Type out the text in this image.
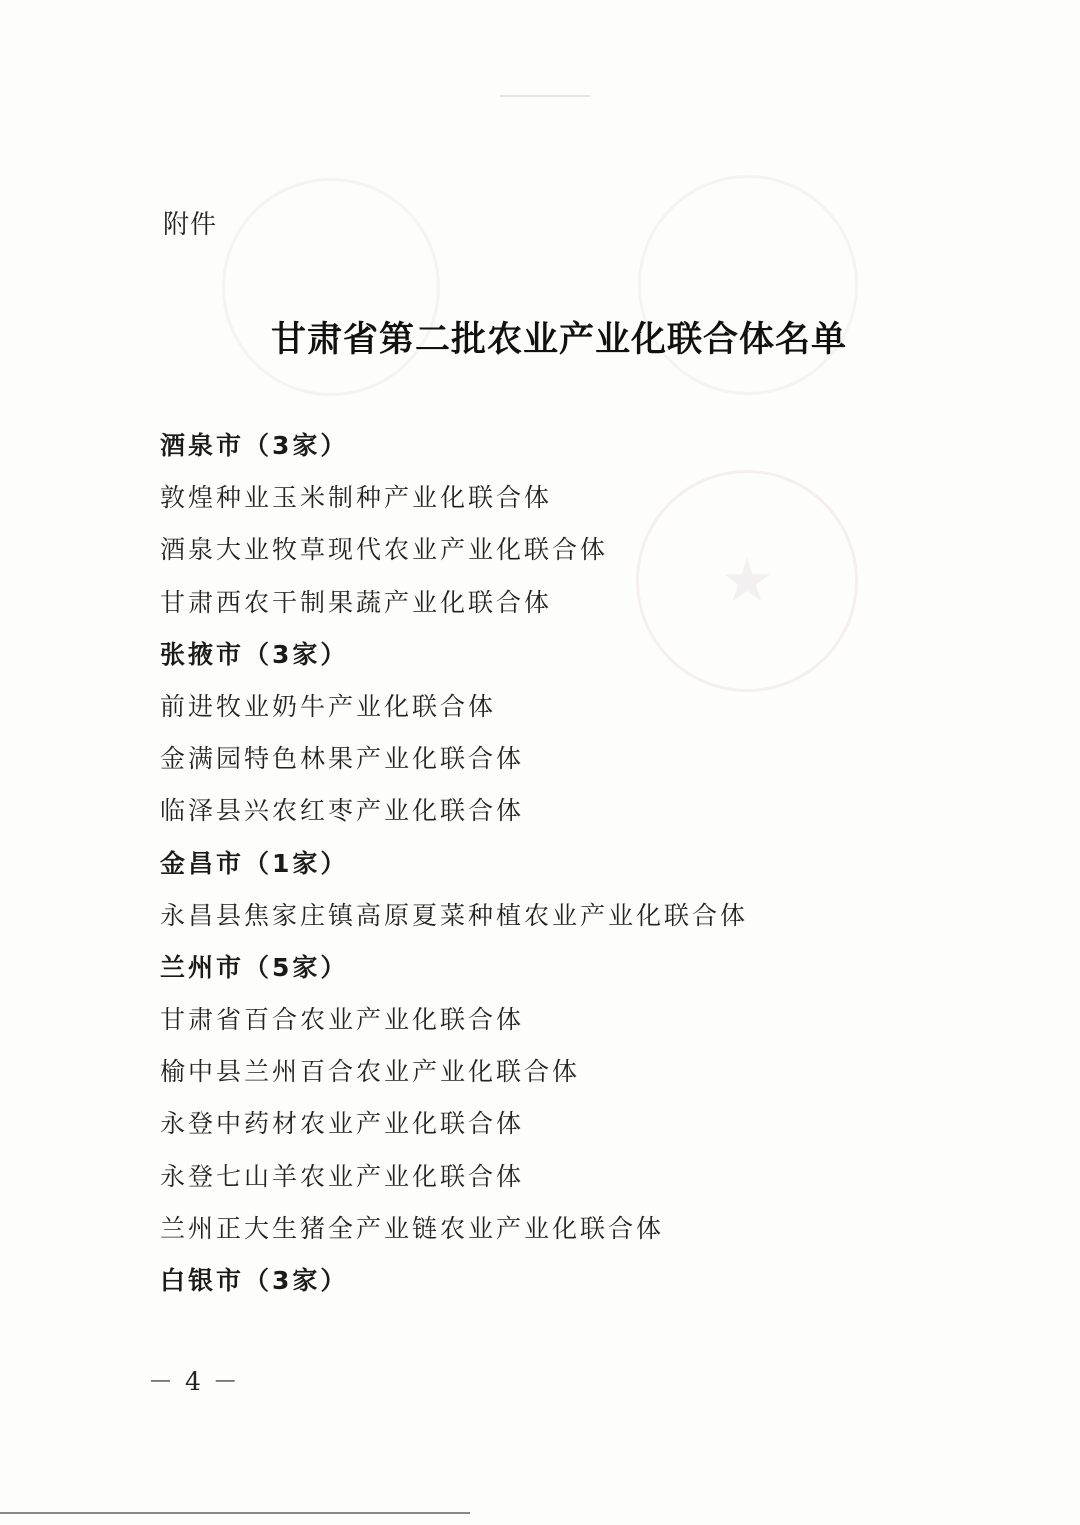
★
附件
甘肃省第二批农业产业化联合体名单
酒泉市（3家）
敦煌种业玉米制种产业化联合体
酒泉大业牧草现代农业产业化联合体
甘肃西农干制果蔬产业化联合体
张掖市（3家）
前进牧业奶牛产业化联合体
金满园特色林果产业化联合体
临泽县兴农红枣产业化联合体
金昌市（1家）
永昌县焦家庄镇高原夏菜种植农业产业化联合体
兰州市（5家）
甘肃省百合农业产业化联合体
榆中县兰州百合农业产业化联合体
永登中药材农业产业化联合体
永登七山羊农业产业化联合体
兰州正大生猪全产业链农业产业化联合体
白银市（3家）
－ 4 －
